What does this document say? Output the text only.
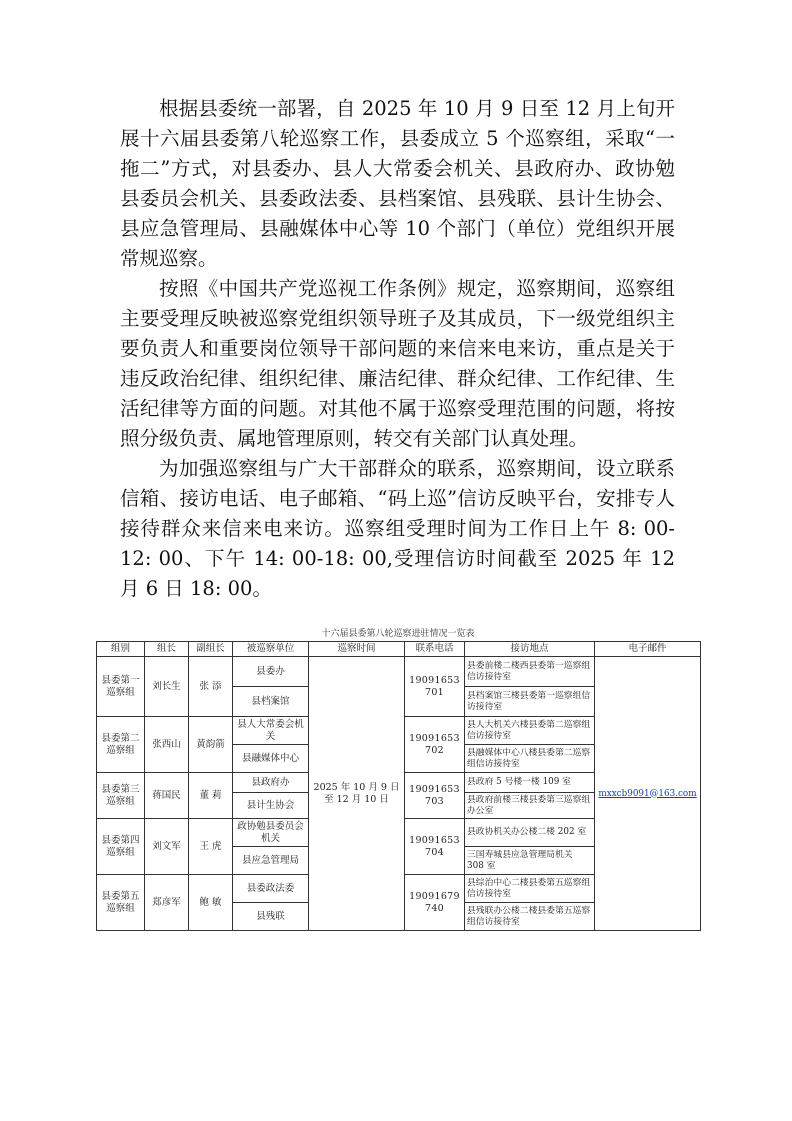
根据县委统一部署，自 2025 年 10 月 9 日至 12 月上旬开展十六届县委第八轮巡察工作，县委成立 5 个巡察组，采取“一拖二”方式，对县委办、县人大常委会机关、县政府办、政协勉县委员会机关、县委政法委、县档案馆、县残联、县计生协会、县应急管理局、县融媒体中心等 10 个部门（单位）党组织开展常规巡察。

按照《中国共产党巡视工作条例》规定，巡察期间，巡察组主要受理反映被巡察党组织领导班子及其成员，下一级党组织主要负责人和重要岗位领导干部问题的来信来电来访，重点是关于违反政治纪律、组织纪律、廉洁纪律、群众纪律、工作纪律、生活纪律等方面的问题。对其他不属于巡察受理范围的问题，将按照分级负责、属地管理原则，转交有关部门认真处理。

为加强巡察组与广大干部群众的联系，巡察期间，设立联系信箱、接访电话、电子邮箱、“码上巡”信访反映平台，安排专人接待群众来信来电来访。巡察组受理时间为工作日上午 8: 00-12: 00、下午 14: 00-18: 00,受理信访时间截至 2025 年 12 月 6 日 18: 00。

十六届县委第八轮巡察进驻情况一览表
组别	组长	副组长	被巡察单位	巡察时间	联系电话	接访地点	电子邮件
县委第一巡察组	刘长生	张 添	县委办	2025 年 10 月 9 日至 12 月 10 日	19091653701	县委前楼二楼西县委第一巡察组信访接待室	mxxcb9091@163.com
			县档案馆			县档案馆三楼县委第一巡察组信访接待室	
县委第二巡察组	张西山	黄韵箭	县人大常委会机关		19091653702	县人大机关六楼县委第二巡察组信访接待室	
			县融媒体中心			县融媒体中心八楼县委第二巡察组信访接待室	
县委第三巡察组	蒋国民	董 莉	县政府办		19091653703	县政府 5 号楼一楼 109 室	
			县计生协会			县政府前楼三楼县委第三巡察组办公室	
县委第四巡察组	刘文军	王 虎	政协勉县委员会机关		19091653704	县政协机关办公楼二楼 202 室	
			县应急管理局			三国寿城县应急管理局机关 308 室	
县委第五巡察组	郑彦军	鲍 敏	县委政法委		19091679740	县综治中心二楼县委第五巡察组信访接待室	
			县残联			县残联办公楼二楼县委第五巡察组信访接待室	
